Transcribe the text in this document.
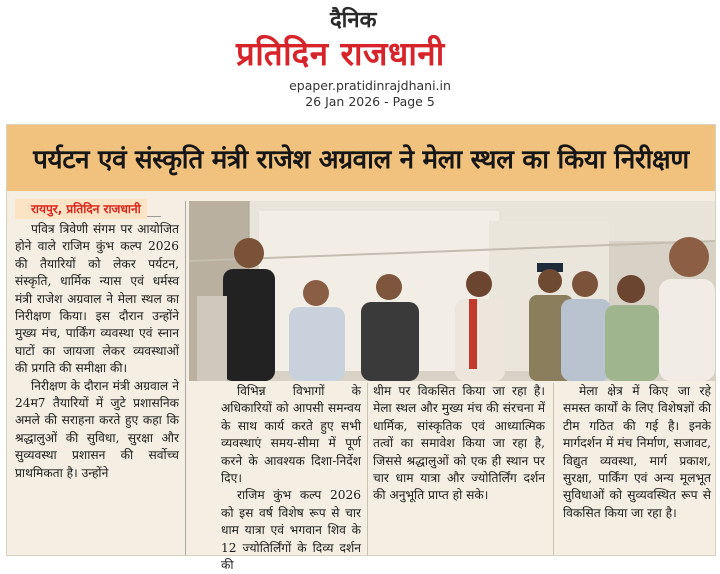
दैनिक
प्रतिदिन राजधानी
epaper.pratidinrajdhani.in
26 Jan 2026 - Page 5
पर्यटन एवं संस्कृति मंत्री राजेश अग्रवाल ने मेला स्थल का किया निरीक्षण
रायपुर, प्रतिदिन राजधानी

पवित्र त्रिवेणी संगम पर आयोजित होने वाले राजिम कुंभ कल्प 2026 की तैयारियों को लेकर पर्यटन, संस्कृति, धार्मिक न्यास एवं धर्मस्व मंत्री राजेश अग्रवाल ने मेला स्थल का निरीक्षण किया। इस दौरान उन्होंने मुख्य मंच, पार्किंग व्यवस्था एवं स्नान घाटों का जायजा लेकर व्यवस्थाओं की प्रगति की समीक्षा की।

निरीक्षण के दौरान मंत्री अग्रवाल ने 24म7 तैयारियों में जुटे प्रशासनिक अमले की सराहना करते हुए कहा कि श्रद्धालुओं की सुविधा, सुरक्षा और सुव्यवस्था प्रशासन की सर्वोच्च प्राथमिकता है। उन्होंने

विभिन्न विभागों के अधिकारियों को आपसी समन्वय के साथ कार्य करते हुए सभी व्यवस्थाएं समय-सीमा में पूर्ण करने के आवश्यक दिशा-निर्देश दिए।

राजिम कुंभ कल्प 2026 को इस वर्ष विशेष रूप से चार धाम यात्रा एवं भगवान शिव के 12 ज्योतिर्लिंगों के दिव्य दर्शन की

थीम पर विकसित किया जा रहा है। मेला स्थल और मुख्य मंच की संरचना में धार्मिक, सांस्कृतिक एवं आध्यात्मिक तत्वों का समावेश किया जा रहा है, जिससे श्रद्धालुओं को एक ही स्थान पर चार धाम यात्रा और ज्योतिर्लिंग दर्शन की अनुभूति प्राप्त हो सके।

मेला क्षेत्र में किए जा रहे समस्त कार्यों के लिए विशेषज्ञों की टीम गठित की गई है। इनके मार्गदर्शन में मंच निर्माण, सजावट, विद्युत व्यवस्था, मार्ग प्रकाश, सुरक्षा, पार्किंग एवं अन्य मूलभूत सुविधाओं को सुव्यवस्थित रूप से विकसित किया जा रहा है।
